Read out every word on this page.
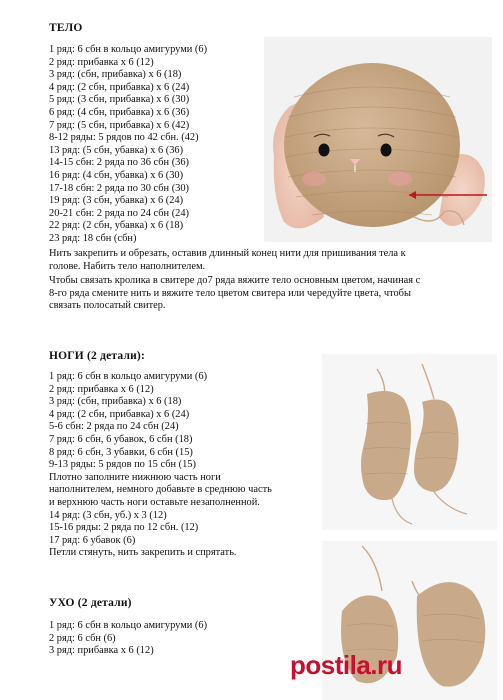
ТЕЛО
1 ряд: 6 сбн в кольцо амигуруми (6)
2 ряд: прибавка х 6 (12)
3 ряд: (сбн, прибавка) х 6 (18)
4 ряд: (2 сбн, прибавка) х 6 (24)
5 ряд: (3 сбн, прибавка) х 6 (30)
6 ряд: (4 сбн, прибавка) х 6 (36)
7 ряд: (5 сбн, прибавка) х 6 (42)
8-12 ряды: 5 рядов по 42 сбн. (42)
13 ряд: (5 сбн, убавка) х 6 (36)
14-15 сбн: 2 ряда по 36 сбн (36)
16 ряд: (4 сбн, убавка) х 6 (30)
17-18 сбн: 2 ряда по 30 сбн (30)
19 ряд: (3 сбн, убавка) х 6 (24)
20-21 сбн: 2 ряда по 24 сбн (24)
22 ряд: (2 сбн, убавка) х 6 (18)
23 ряд: 18 сбн (сбн)
Нить закрепить и обрезать, оставив длинный конец нити для пришивания тела к
голове. Набить тело наполнителем.
Чтобы связать кролика в свитере до7 ряда вяжите тело основным цветом, начиная с
8-го ряда смените нить и вяжите тело цветом свитера или чередуйте цвета, чтобы
связать полосатый свитер.
НОГИ (2 детали):
1 ряд: 6 сбн в кольцо амигуруми (6)
2 ряд: прибавка х 6 (12)
3 ряд: (сбн, прибавка) х 6 (18)
4 ряд: (2 сбн, прибавка) х 6 (24)
5-6 сбн: 2 ряда по 24 сбн (24)
7 ряд: 6 сбн, 6 убавок, 6 сбн (18)
8 ряд: 6 сбн, 3 убавки, 6 сбн (15)
9-13 ряды: 5 рядов по 15 сбн (15)
Плотно заполните нижнюю часть ноги
наполнителем, немного добавьте в среднюю часть
и верхнюю часть ноги оставьте незаполненной.
14 ряд: (3 сбн, уб.) х 3 (12)
15-16 ряды: 2 ряда по 12 сбн. (12)
17 ряд: 6 убавок (6)
Петли стянуть, нить закрепить и спрятать.
УХО (2 детали)
1 ряд: 6 сбн в кольцо амигуруми (6)
2 ряд: 6 сбн (6)
3 ряд: прибавка х 6 (12)	postila.ru
